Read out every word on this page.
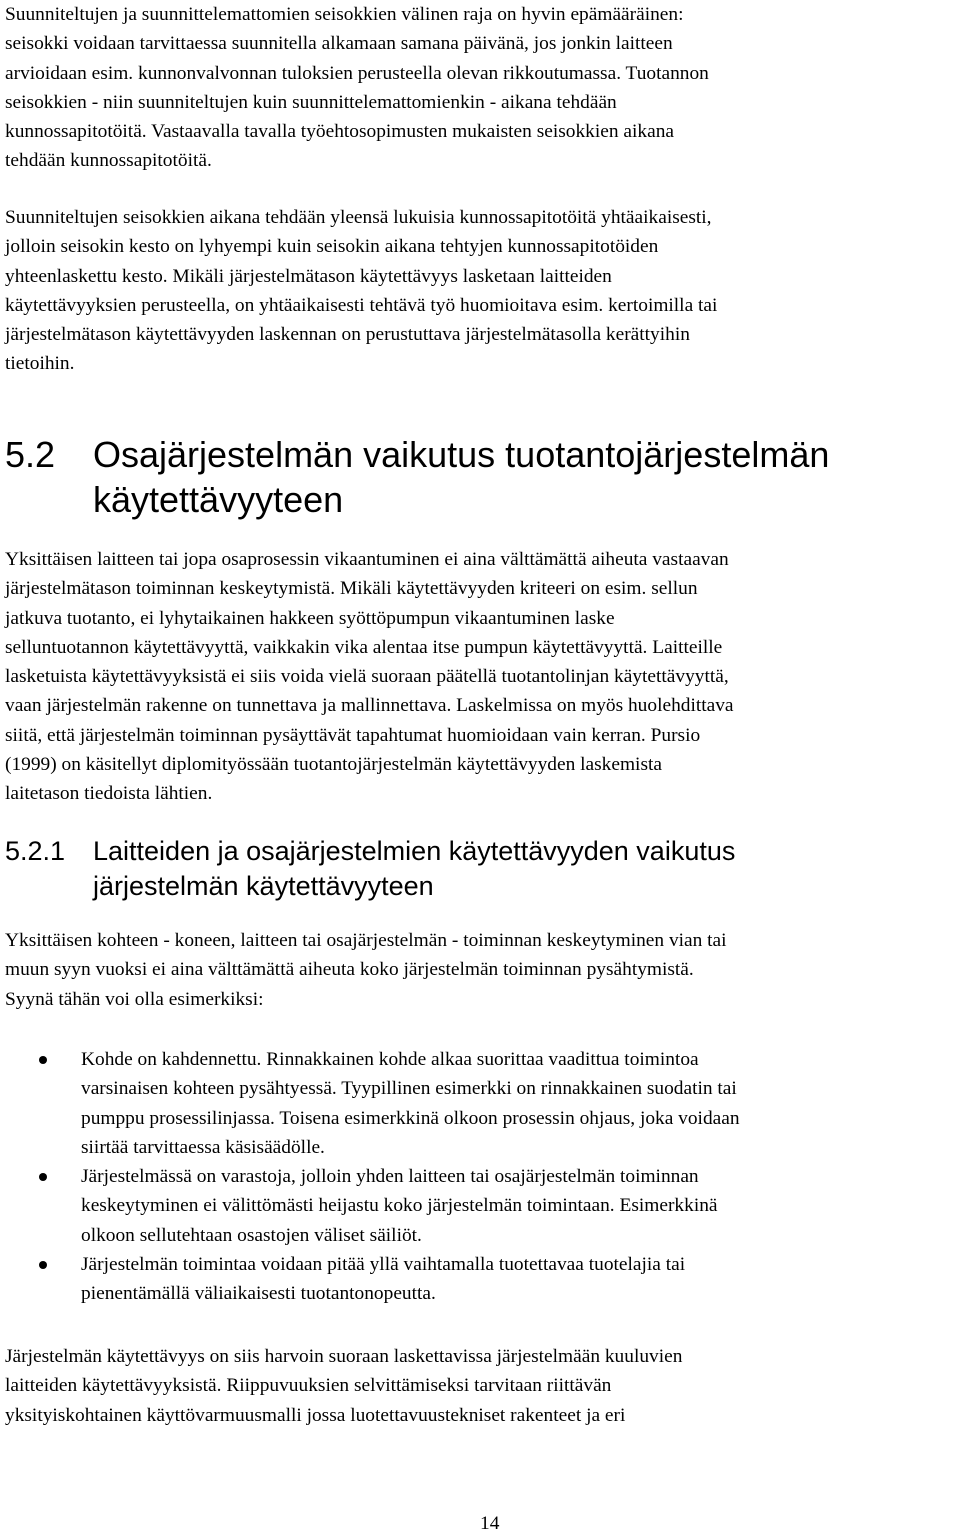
Suunniteltujen ja suunnittelemattomien seisokkien välinen raja on hyvin epämääräinen:
seisokki voidaan tarvittaessa suunnitella alkamaan samana päivänä, jos jonkin laitteen
arvioidaan esim. kunnonvalvonnan tuloksien perusteella olevan rikkoutumassa. Tuotannon
seisokkien - niin suunniteltujen kuin suunnittelemattomienkin - aikana tehdään
kunnossapitotöitä. Vastaavalla tavalla työehtosopimusten mukaisten seisokkien aikana
tehdään kunnossapitotöitä.

Suunniteltujen seisokkien aikana tehdään yleensä lukuisia kunnossapitotöitä yhtäaikaisesti,
jolloin seisokin kesto on lyhyempi kuin seisokin aikana tehtyjen kunnossapitotöiden
yhteenlaskettu kesto. Mikäli järjestelmätason käytettävyys lasketaan laitteiden
käytettävyyksien perusteella, on yhtäaikaisesti tehtävä työ huomioitava esim. kertoimilla tai
järjestelmätason käytettävyyden laskennan on perustuttava järjestelmätasolla kerättyihin
tietoihin.

5.2 Osajärjestelmän vaikutus tuotantojärjestelmän
käytettävyyteen

Yksittäisen laitteen tai jopa osaprosessin vikaantuminen ei aina välttämättä aiheuta vastaavan
järjestelmätason toiminnan keskeytymistä. Mikäli käytettävyyden kriteeri on esim. sellun
jatkuva tuotanto, ei lyhytaikainen hakkeen syöttöpumpun vikaantuminen laske
selluntuotannon käytettävyyttä, vaikkakin vika alentaa itse pumpun käytettävyyttä. Laitteille
lasketuista käytettävyyksistä ei siis voida vielä suoraan päätellä tuotantolinjan käytettävyyttä,
vaan järjestelmän rakenne on tunnettava ja mallinnettava. Laskelmissa on myös huolehdittava
siitä, että järjestelmän toiminnan pysäyttävät tapahtumat huomioidaan vain kerran. Pursio
(1999) on käsitellyt diplomityössään tuotantojärjestelmän käytettävyyden laskemista
laitetason tiedoista lähtien.

5.2.1 Laitteiden ja osajärjestelmien käytettävyyden vaikutus
järjestelmän käytettävyyteen

Yksittäisen kohteen - koneen, laitteen tai osajärjestelmän - toiminnan keskeytyminen vian tai
muun syyn vuoksi ei aina välttämättä aiheuta koko järjestelmän toiminnan pysähtymistä.
Syynä tähän voi olla esimerkiksi:

Kohde on kahdennettu. Rinnakkainen kohde alkaa suorittaa vaadittua toimintoa
varsinaisen kohteen pysähtyessä. Tyypillinen esimerkki on rinnakkainen suodatin tai
pumppu prosessilinjassa. Toisena esimerkkinä olkoon prosessin ohjaus, joka voidaan
siirtää tarvittaessa käsisäädölle.

Järjestelmässä on varastoja, jolloin yhden laitteen tai osajärjestelmän toiminnan
keskeytyminen ei välittömästi heijastu koko järjestelmän toimintaan. Esimerkkinä
olkoon sellutehtaan osastojen väliset säiliöt.

Järjestelmän toimintaa voidaan pitää yllä vaihtamalla tuotettavaa tuotelajia tai
pienentämällä väliaikaisesti tuotantonopeutta.

Järjestelmän käytettävyys on siis harvoin suoraan laskettavissa järjestelmään kuuluvien
laitteiden käytettävyyksistä. Riippuvuuksien selvittämiseksi tarvitaan riittävän
yksityiskohtainen käyttövarmuusmalli jossa luotettavuustekniset rakenteet ja eri

14
